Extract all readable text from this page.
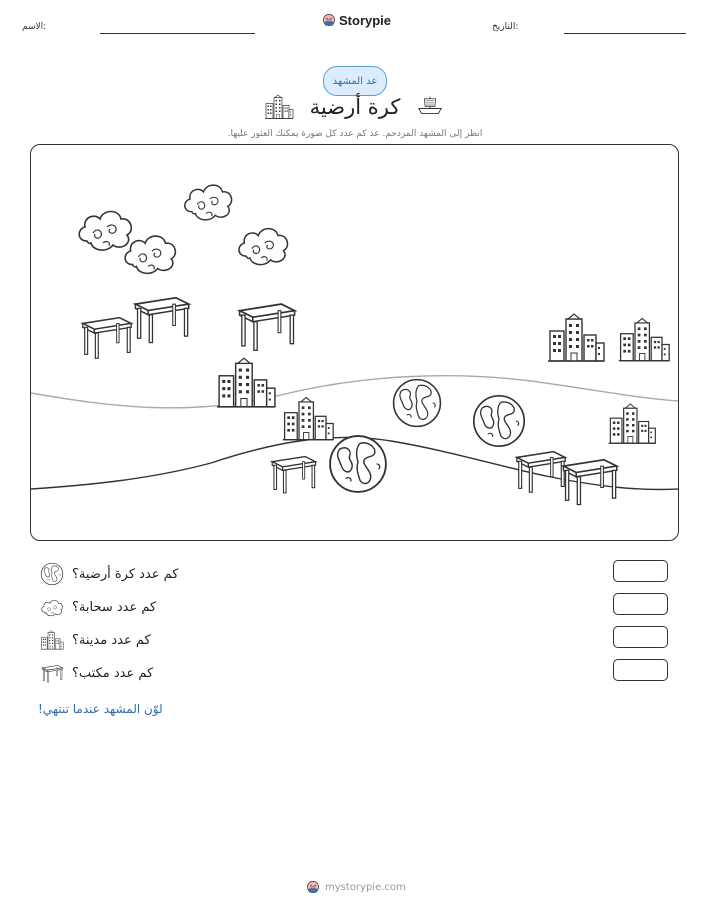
الاسم:	Storypie	التاريخ:
عد المشهد
كرة أرضية
انظر إلى المشهد المزدحم. عد كم عدد كل صورة يمكنك العثور عليها.
كم عدد كرة أرضية؟
كم عدد سحابة؟
كم عدد مدينة؟
كم عدد مكتب؟
لوّن المشهد عندما تنتهي!
mystorypie.com
